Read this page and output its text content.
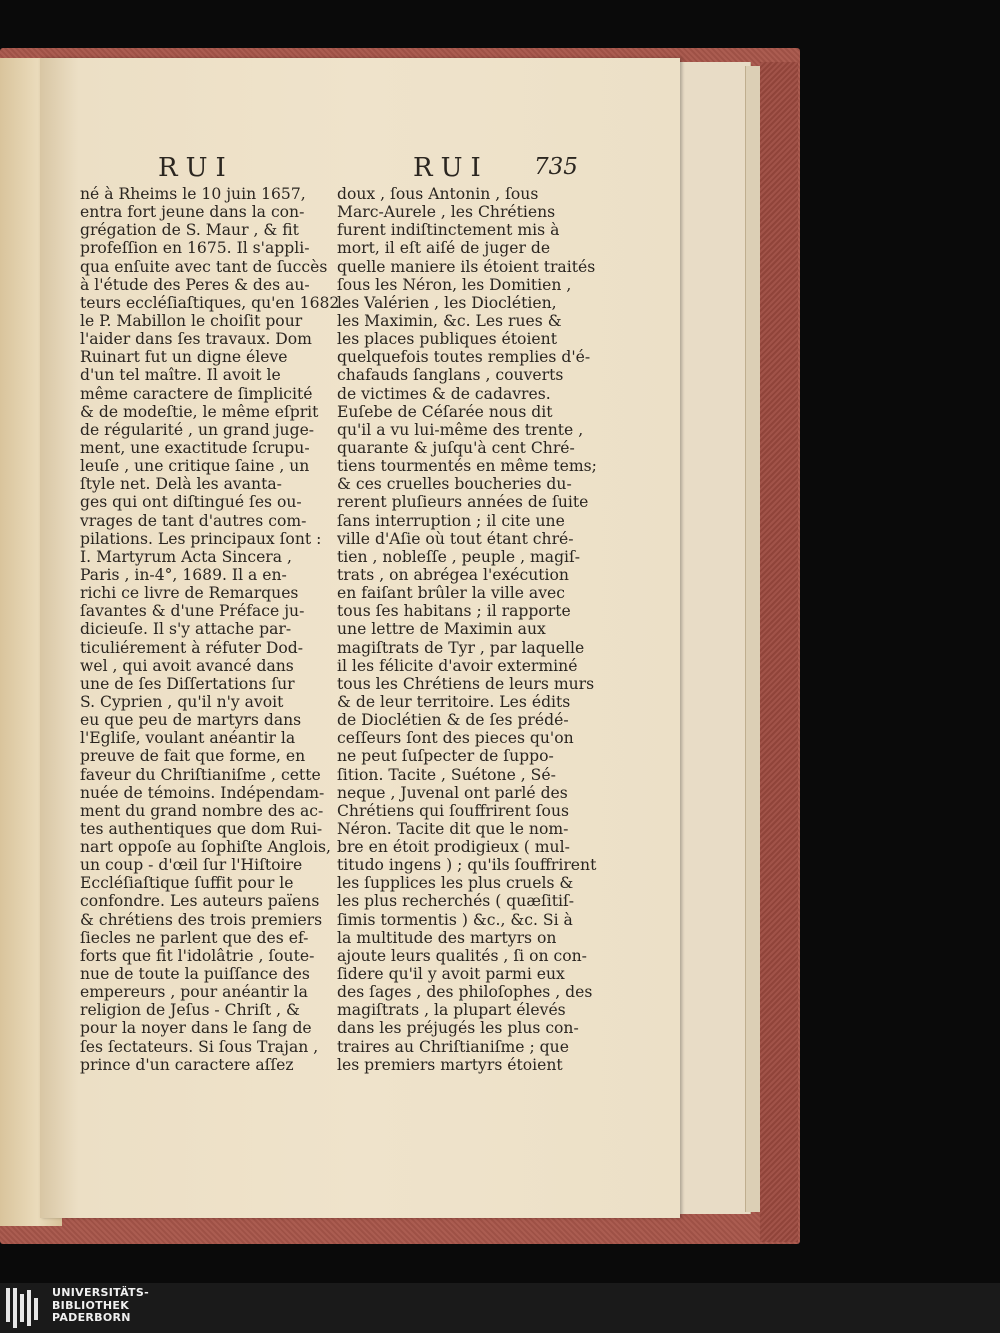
RUI	RUI 735
né à Rheims le 10 juin 1657,
entra fort jeune dans la con-
grégation de S. Maur , & fit
profeſſion en 1675. Il s'appli-
qua enſuite avec tant de ſuccès
à l'étude des Peres & des au-
teurs eccléſiaſtiques, qu'en 1682
le P. Mabillon le choiſit pour
l'aider dans ſes travaux. Dom
Ruinart fut un digne éleve
d'un tel maître. Il avoit le
même caractere de ſimplicité
& de modeſtie, le même eſprit
de régularité , un grand juge-
ment, une exactitude ſcrupu-
leuſe , une critique ſaine , un
ſtyle net. Delà les avanta-
ges qui ont diſtingué ſes ou-
vrages de tant d'autres com-
pilations. Les principaux ſont :
I. Martyrum Acta Sincera ,
Paris , in-4°, 1689. Il a en-
richi ce livre de Remarques
ſavantes & d'une Préface ju-
dicieuſe. Il s'y attache par-
ticuliérement à réfuter Dod-
wel , qui avoit avancé dans
une de ſes Diſſertations ſur
S. Cyprien , qu'il n'y avoit
eu que peu de martyrs dans
l'Egliſe, voulant anéantir la
preuve de fait que forme, en
faveur du Chriſtianiſme , cette
nuée de témoins. Indépendam-
ment du grand nombre des ac-
tes authentiques que dom Rui-
nart oppoſe au ſophiſte Anglois,
un coup - d'œil ſur l'Hiſtoire
Eccléſiaſtique ſuffit pour le
confondre. Les auteurs païens
& chrétiens des trois premiers
ſiecles ne parlent que des ef-
forts que fit l'idolâtrie , ſoute-
nue de toute la puiſſance des
empereurs , pour anéantir la
religion de Jeſus - Chriſt , &
pour la noyer dans le ſang de
ſes ſectateurs. Si ſous Trajan ,
prince d'un caractere aſſez
doux , ſous Antonin , ſous
Marc-Aurele , les Chrétiens
furent indiſtinctement mis à
mort, il eſt aiſé de juger de
quelle maniere ils étoient traités
ſous les Néron, les Domitien ,
les Valérien , les Dioclétien,
les Maximin, &c. Les rues &
les places publiques étoient
quelquefois toutes remplies d'é-
chafauds ſanglans , couverts
de victimes & de cadavres.
Euſebe de Céſarée nous dit
qu'il a vu lui-même des trente ,
quarante & juſqu'à cent Chré-
tiens tourmentés en même tems;
& ces cruelles boucheries du-
rerent pluſieurs années de ſuite
ſans interruption ; il cite une
ville d'Aſie où tout étant chré-
tien , nobleſſe , peuple , magiſ-
trats , on abrégea l'exécution
en faiſant brûler la ville avec
tous ſes habitans ; il rapporte
une lettre de Maximin aux
magiſtrats de Tyr , par laquelle
il les félicite d'avoir exterminé
tous les Chrétiens de leurs murs
& de leur territoire. Les édits
de Dioclétien & de ſes prédé-
ceſſeurs ſont des pieces qu'on
ne peut ſuſpecter de ſuppo-
ſition. Tacite , Suétone , Sé-
neque , Juvenal ont parlé des
Chrétiens qui ſouffrirent ſous
Néron. Tacite dit que le nom-
bre en étoit prodigieux ( mul-
titudo ingens ) ; qu'ils ſouffrirent
les ſupplices les plus cruels &
les plus recherchés ( quæſitiſ-
ſimis tormentis ) &c., &c. Si à
la multitude des martyrs on
ajoute leurs qualités , ſi on con-
ſidere qu'il y avoit parmi eux
des ſages , des philoſophes , des
magiſtrats , la plupart élevés
dans les préjugés les plus con-
traires au Chriſtianiſme ; que
les premiers martyrs étoient
UNIVERSITÄTS-
BIBLIOTHEK
PADERBORN
